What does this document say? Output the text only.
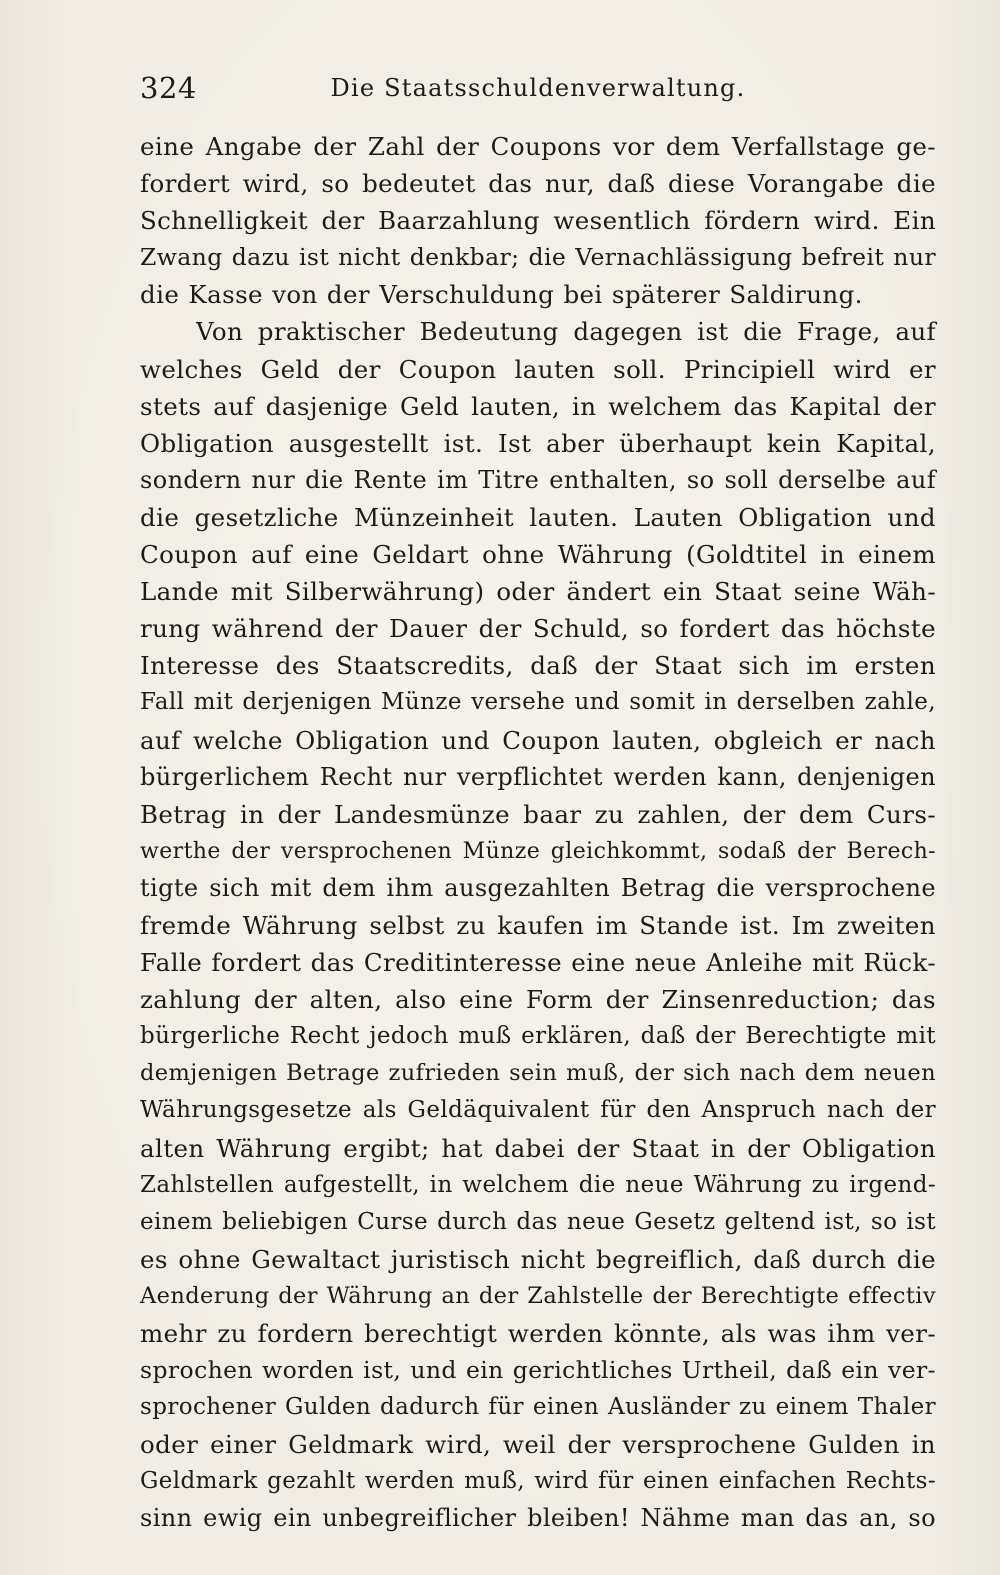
324	Die Staatsschuldenverwaltung.
eine Angabe der Zahl der Coupons vor dem Verfallstage ge-
fordert wird, so bedeutet das nur, daß diese Vorangabe die
Schnelligkeit der Baarzahlung wesentlich fördern wird. Ein
Zwang dazu ist nicht denkbar; die Vernachlässigung befreit nur
die Kasse von der Verschuldung bei späterer Saldirung.
Von praktischer Bedeutung dagegen ist die Frage, auf
welches Geld der Coupon lauten soll. Principiell wird er
stets auf dasjenige Geld lauten, in welchem das Kapital der
Obligation ausgestellt ist. Ist aber überhaupt kein Kapital,
sondern nur die Rente im Titre enthalten, so soll derselbe auf
die gesetzliche Münzeinheit lauten. Lauten Obligation und
Coupon auf eine Geldart ohne Währung (Goldtitel in einem
Lande mit Silberwährung) oder ändert ein Staat seine Wäh-
rung während der Dauer der Schuld, so fordert das höchste
Interesse des Staatscredits, daß der Staat sich im ersten
Fall mit derjenigen Münze versehe und somit in derselben zahle,
auf welche Obligation und Coupon lauten, obgleich er nach
bürgerlichem Recht nur verpflichtet werden kann, denjenigen
Betrag in der Landesmünze baar zu zahlen, der dem Curs-
werthe der versprochenen Münze gleichkommt, sodaß der Berech-
tigte sich mit dem ihm ausgezahlten Betrag die versprochene
fremde Währung selbst zu kaufen im Stande ist. Im zweiten
Falle fordert das Creditinteresse eine neue Anleihe mit Rück-
zahlung der alten, also eine Form der Zinsenreduction; das
bürgerliche Recht jedoch muß erklären, daß der Berechtigte mit
demjenigen Betrage zufrieden sein muß, der sich nach dem neuen
Währungsgesetze als Geldäquivalent für den Anspruch nach der
alten Währung ergibt; hat dabei der Staat in der Obligation
Zahlstellen aufgestellt, in welchem die neue Währung zu irgend-
einem beliebigen Curse durch das neue Gesetz geltend ist, so ist
es ohne Gewaltact juristisch nicht begreiflich, daß durch die
Aenderung der Währung an der Zahlstelle der Berechtigte effectiv
mehr zu fordern berechtigt werden könnte, als was ihm ver-
sprochen worden ist, und ein gerichtliches Urtheil, daß ein ver-
sprochener Gulden dadurch für einen Ausländer zu einem Thaler
oder einer Geldmark wird, weil der versprochene Gulden in
Geldmark gezahlt werden muß, wird für einen einfachen Rechts-
sinn ewig ein unbegreiflicher bleiben! Nähme man das an, so
